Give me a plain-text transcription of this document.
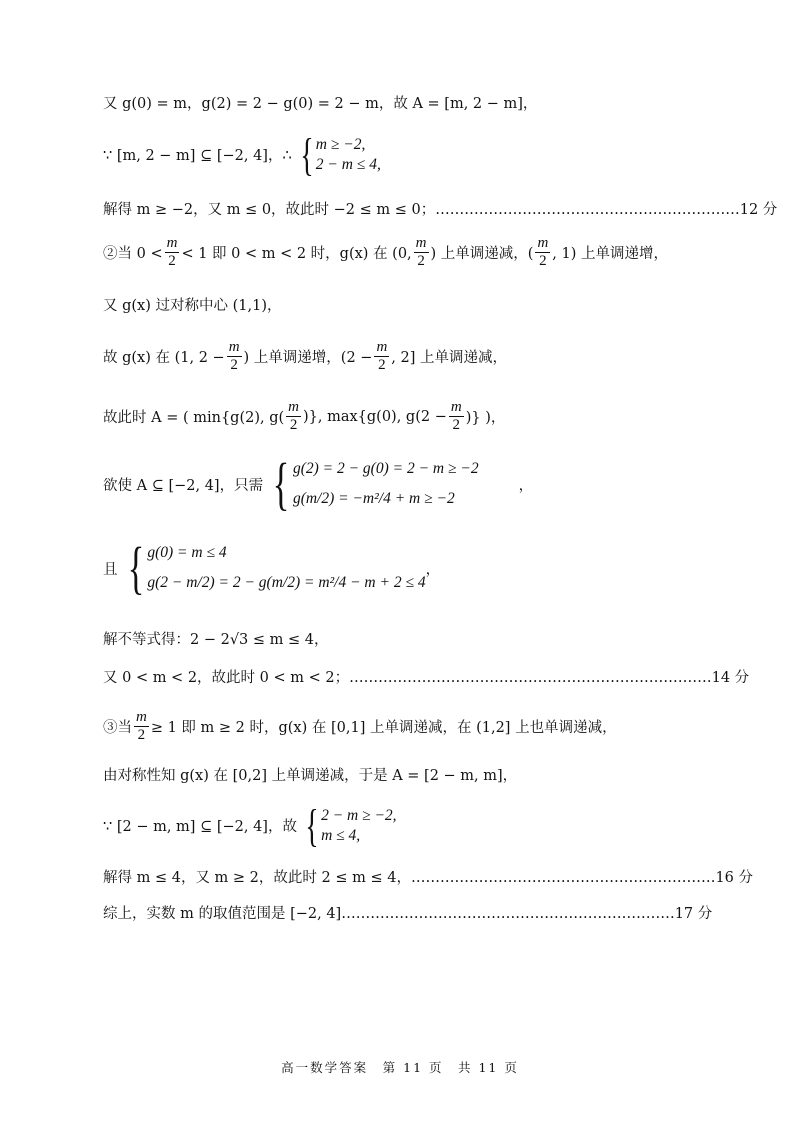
又 g(0) = m，g(2) = 2 − g(0) = 2 − m，故 A = [m, 2 − m]，
∵ [m, 2 − m] ⊆ [−2, 4]，∴ { m ≥ −2,
2 − m ≤ 4,
解得 m ≥ −2，又 m ≤ 0，故此时 −2 ≤ m ≤ 0；………………………………………………………12 分
②当 $0 < \frac{m}{2} < 1$ 即 0 < m < 2 时，g(x) 在 (0, $\frac{m}{2}$ ) 上单调递减，( $\frac{m}{2}$ , 1) 上单调递增，
又 g(x) 过对称中心 (1,1)，
故 g(x) 在 (1, $2 - \frac{m}{2}$ ) 上单调递增，($2 - \frac{m}{2}$ , 2] 上单调递减，
故此时 A = ( min{g(2), $g( \frac{m}{2}$ )}, max{g(0), $g(2 - \frac{m}{2}$ )} )，
欲使 A ⊆ [−2, 4]，只需 { g(2) = 2 − g(0) = 2 − m ≥ −2
g(m/2) = −m²/4 + m ≥ −2
，
且 { g(0) = m ≤ 4
g(2 − m/2) = 2 − g(m/2) = m²/4 − m + 2 ≤ 4
，
解不等式得：2 − 2√3 ≤ m ≤ 4，
又 0 < m < 2，故此时 0 < m < 2；…………………………………………………………………14 分
③当 $\frac{m}{2} \ge 1$ 即 m ≥ 2 时，g(x) 在 [0,1] 上单调递减，在 (1,2] 上也单调递减，
由对称性知 g(x) 在 [0,2] 上单调递减，于是 A = [2 − m, m]，
∵ [2 − m, m] ⊆ [−2, 4]，故 { 2 − m ≥ −2,
m ≤ 4,
解得 m ≤ 4，又 m ≥ 2，故此时 2 ≤ m ≤ 4，………………………………………………………16 分
综上，实数 m 的取值范围是 [−2, 4]……………………………………………………………17 分
高一数学答案　第 11 页　共 11 页
